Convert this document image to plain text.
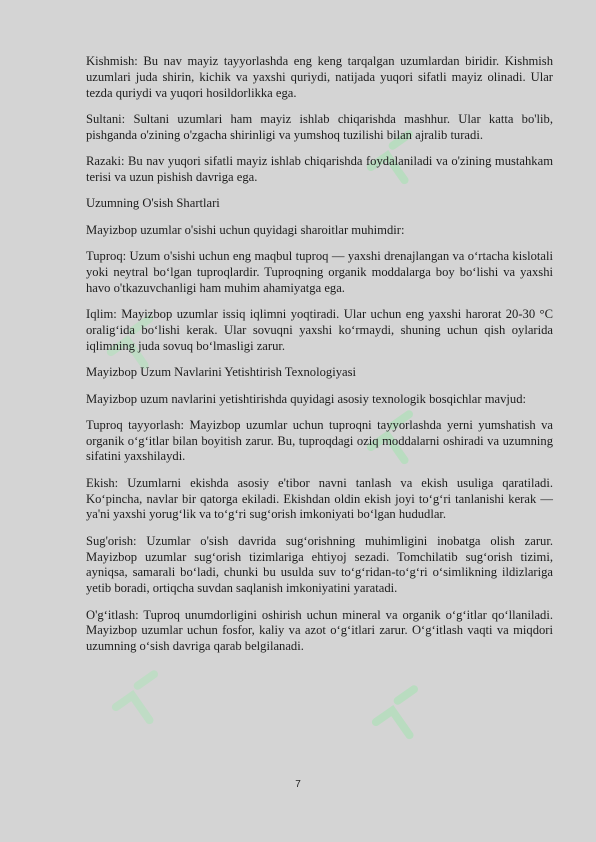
Kishmish: Bu nav mayiz tayyorlashda eng keng tarqalgan uzumlardan biridir. Kishmish uzumlari juda shirin, kichik va yaxshi quriydi, natijada yuqori sifatli mayiz olinadi. Ular tezda quriydi va yuqori hosildorlikka ega.

Sultani: Sultani uzumlari ham mayiz ishlab chiqarishda mashhur. Ular katta bo'lib, pishganda o'zining o'zgacha shirinligi va yumshoq tuzilishi bilan ajralib turadi.

Razaki: Bu nav yuqori sifatli mayiz ishlab chiqarishda foydalaniladi va o'zining mustahkam terisi va uzun pishish davriga ega.

Uzumning O'sish Shartlari

Mayizbop uzumlar o'sishi uchun quyidagi sharoitlar muhimdir:

Tuproq: Uzum o'sishi uchun eng maqbul tuproq — yaxshi drenajlangan va o‘rtacha kislotali yoki neytral bo‘lgan tuproqlardir. Tuproqning organik moddalarga boy bo‘lishi va yaxshi havo o'tkazuvchanligi ham muhim ahamiyatga ega.

Iqlim: Mayizbop uzumlar issiq iqlimni yoqtiradi. Ular uchun eng yaxshi harorat 20-30 °C oralig‘ida bo‘lishi kerak. Ular sovuqni yaxshi ko‘rmaydi, shuning uchun qish oylarida iqlimning juda sovuq bo‘lmasligi zarur.

Mayizbop Uzum Navlarini Yetishtirish Texnologiyasi

Mayizbop uzum navlarini yetishtirishda quyidagi asosiy texnologik bosqichlar mavjud:

Tuproq tayyorlash: Mayizbop uzumlar uchun tuproqni tayyorlashda yerni yumshatish va organik o‘g‘itlar bilan boyitish zarur. Bu, tuproqdagi oziq moddalarni oshiradi va uzumning sifatini yaxshilaydi.

Ekish: Uzumlarni ekishda asosiy e'tibor navni tanlash va ekish usuliga qaratiladi. Ko‘pincha, navlar bir qatorga ekiladi. Ekishdan oldin ekish joyi to‘g‘ri tanlanishi kerak — ya'ni yaxshi yorug‘lik va to‘g‘ri sug‘orish imkoniyati bo‘lgan hududlar.

Sug'orish: Uzumlar o'sish davrida sug‘orishning muhimligini inobatga olish zarur. Mayizbop uzumlar sug‘orish tizimlariga ehtiyoj sezadi. Tomchilatib sug‘orish tizimi, ayniqsa, samarali bo‘ladi, chunki bu usulda suv to‘g‘ridan-to‘g‘ri o‘simlikning ildizlariga yetib boradi, ortiqcha suvdan saqlanish imkoniyatini yaratadi.

O'g‘itlash: Tuproq unumdorligini oshirish uchun mineral va organik o‘g‘itlar qo‘llaniladi. Mayizbop uzumlar uchun fosfor, kaliy va azot o‘g‘itlari zarur. O‘g‘itlash vaqti va miqdori uzumning o‘sish davriga qarab belgilanadi.

7
